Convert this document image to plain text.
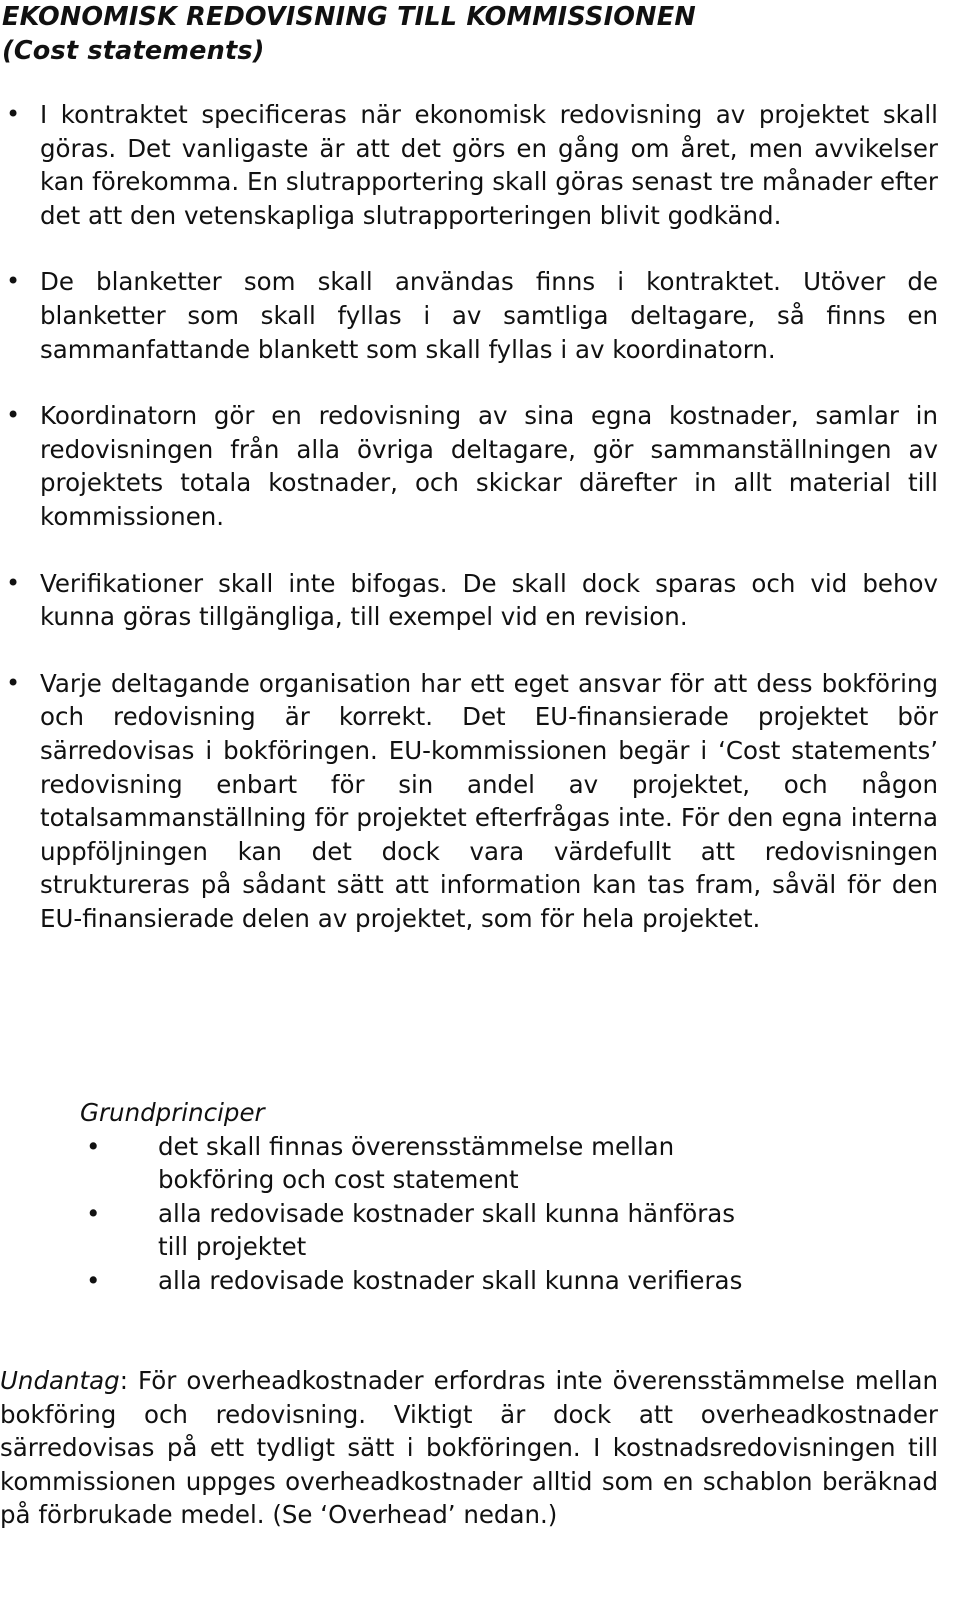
EKONOMISK REDOVISNING TILL KOMMISSIONEN
(Cost statements)
• I kontraktet specificeras när ekonomisk redovisning av projektet skall göras. Det vanligaste är att det görs en gång om året, men avvikelser kan förekomma. En slutrapportering skall göras senast tre månader efter det att den vetenskapliga slutrapporteringen blivit godkänd.
• De blanketter som skall användas finns i kontraktet. Utöver de blanketter som skall fyllas i av samtliga deltagare, så finns en sammanfattande blankett som skall fyllas i av koordinatorn.
• Koordinatorn gör en redovisning av sina egna kostnader, samlar in redovisningen från alla övriga deltagare, gör sammanställningen av projektets totala kostnader, och skickar därefter in allt material till kommissionen.
• Verifikationer skall inte bifogas. De skall dock sparas och vid behov kunna göras tillgängliga, till exempel vid en revision.
• Varje deltagande organisation har ett eget ansvar för att dess bokföring och redovisning är korrekt. Det EU-finansierade projektet bör särredovisas i bokföringen. EU-kommissionen begär i ‘Cost statements’ redovisning enbart för sin andel av projektet, och någon totalsammanställning för projektet efterfrågas inte. För den egna interna uppföljningen kan det dock vara värdefullt att redovisningen struktureras på sådant sätt att information kan tas fram, såväl för den EU-finansierade delen av projektet, som för hela projektet.
Grundprinciper
• det skall finnas överensstämmelse mellan bokföring och cost statement
• alla redovisade kostnader skall kunna hänföras till projektet
• alla redovisade kostnader skall kunna verifieras
Undantag: För overheadkostnader erfordras inte överensstämmelse mellan bokföring och redovisning. Viktigt är dock att overheadkostnader särredovisas på ett tydligt sätt i bokföringen. I kostnadsredovisningen till kommissionen uppges overheadkostnader alltid som en schablon beräknad på förbrukade medel. (Se ‘Overhead’ nedan.)
